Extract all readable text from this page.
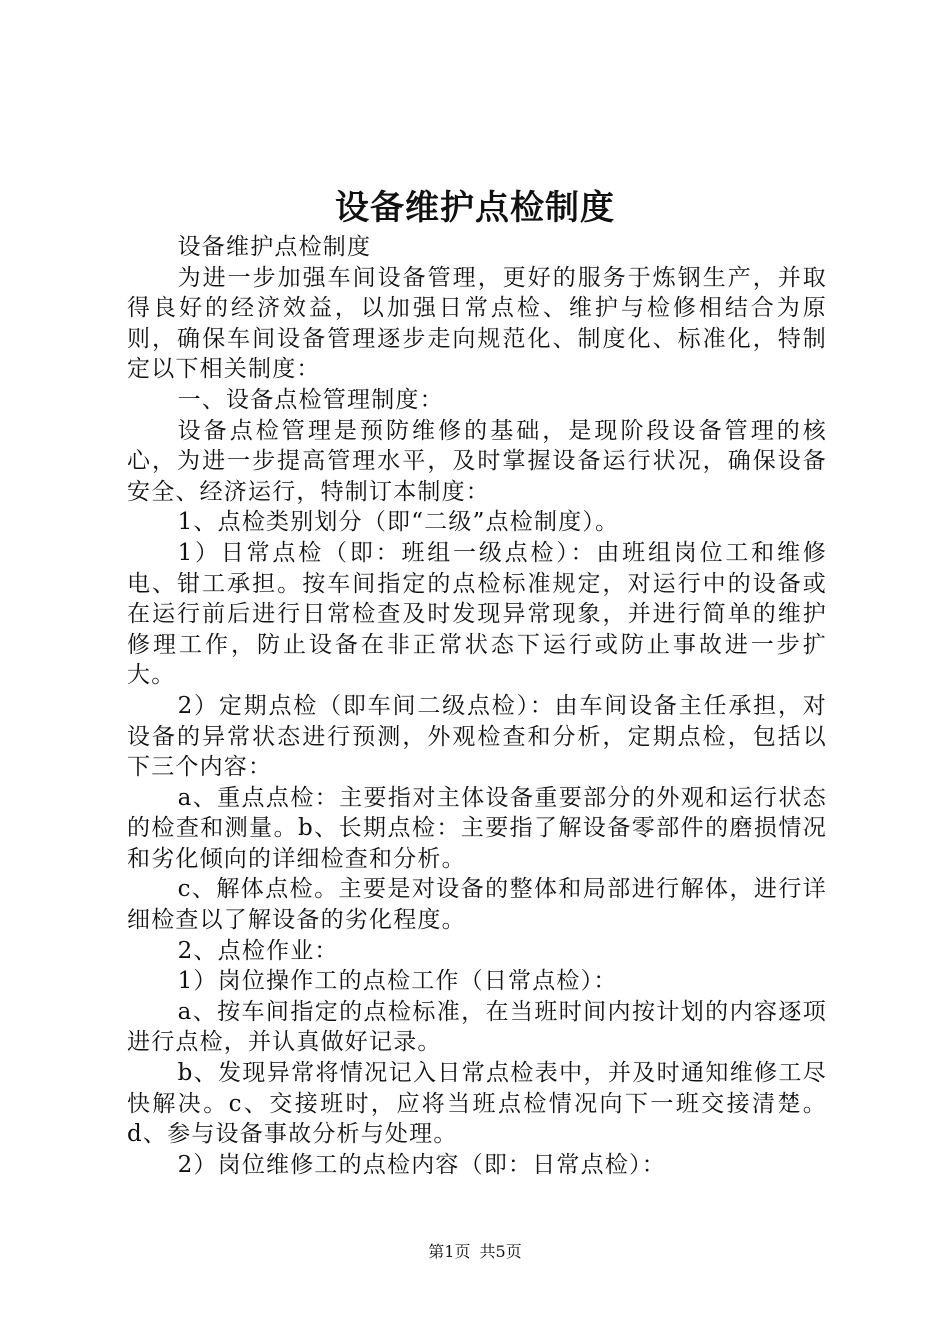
设备维护点检制度

设备维护点检制度

为进一步加强车间设备管理，更好的服务于炼钢生产，并取得良好的经济效益，以加强日常点检、维护与检修相结合为原则，确保车间设备管理逐步走向规范化、制度化、标准化，特制定以下相关制度：

一、设备点检管理制度：

设备点检管理是预防维修的基础，是现阶段设备管理的核心，为进一步提高管理水平，及时掌握设备运行状况，确保设备安全、经济运行，特制订本制度：

1、点检类别划分（即“二级”点检制度）。

1）日常点检（即：班组一级点检）：由班组岗位工和维修电、钳工承担。按车间指定的点检标准规定，对运行中的设备或在运行前后进行日常检查及时发现异常现象，并进行简单的维护修理工作，防止设备在非正常状态下运行或防止事故进一步扩大。

2）定期点检（即车间二级点检）：由车间设备主任承担，对设备的异常状态进行预测，外观检查和分析，定期点检，包括以下三个内容：

a、重点点检：主要指对主体设备重要部分的外观和运行状态的检查和测量。b、长期点检：主要指了解设备零部件的磨损情况和劣化倾向的详细检查和分析。

c、解体点检。主要是对设备的整体和局部进行解体，进行详细检查以了解设备的劣化程度。

2、点检作业：

1）岗位操作工的点检工作（日常点检）：

a、按车间指定的点检标准，在当班时间内按计划的内容逐项进行点检，并认真做好记录。

b、发现异常将情况记入日常点检表中，并及时通知维修工尽快解决。c、交接班时，应将当班点检情况向下一班交接清楚。d、参与设备事故分析与处理。

2）岗位维修工的点检内容（即：日常点检）：

第1页 共5页
